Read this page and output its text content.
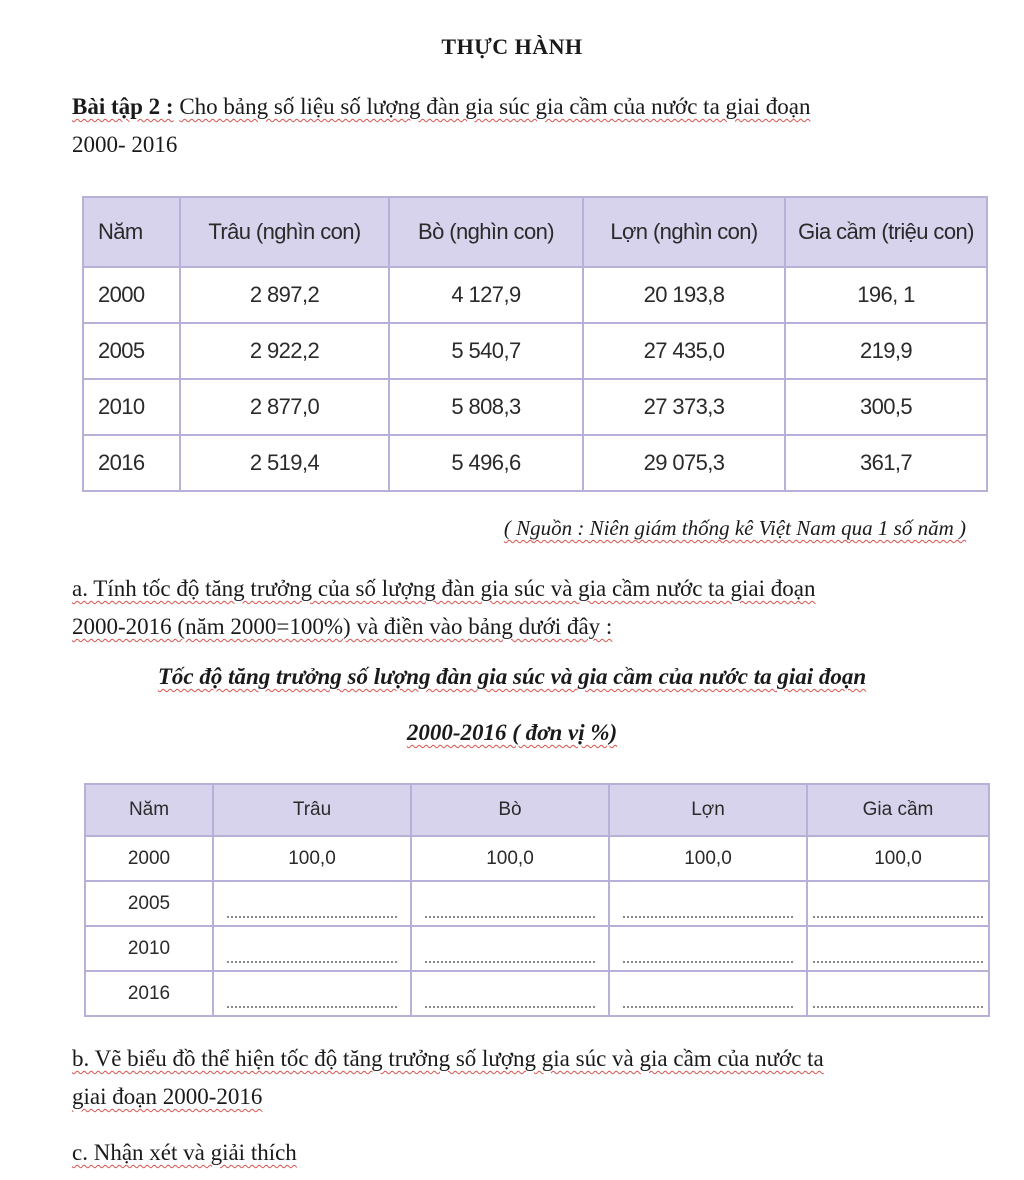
THỰC HÀNH
Bài tập 2 : Cho bảng số liệu số lượng đàn gia súc gia cầm của nước ta giai đoạn
2000- 2016
Năm	Trâu (nghìn con)	Bò (nghìn con)	Lợn (nghìn con)	Gia cầm (triệu con)
2000	2 897,2	4 127,9	20 193,8	196, 1
2005	2 922,2	5 540,7	27 435,0	219,9
2010	2 877,0	5 808,3	27 373,3	300,5
2016	2 519,4	5 496,6	29 075,3	361,7
( Nguồn : Niên giám thống kê Việt Nam qua 1 số năm )
a. Tính tốc độ tăng trưởng của số lượng đàn gia súc và gia cầm nước ta giai đoạn
2000-2016 (năm 2000=100%) và điền vào bảng dưới đây :
Tốc độ tăng trưởng số lượng đàn gia súc và gia cầm của nước ta giai đoạn
2000-2016 ( đơn vị %)
Năm	Trâu	Bò	Lợn	Gia cầm
2000	100,0	100,0	100,0	100,0
2005				
2010				
2016				
b. Vẽ biểu đồ thể hiện tốc độ tăng trưởng số lượng gia súc và gia cầm của nước ta
giai đoạn 2000-2016
c. Nhận xét và giải thích
